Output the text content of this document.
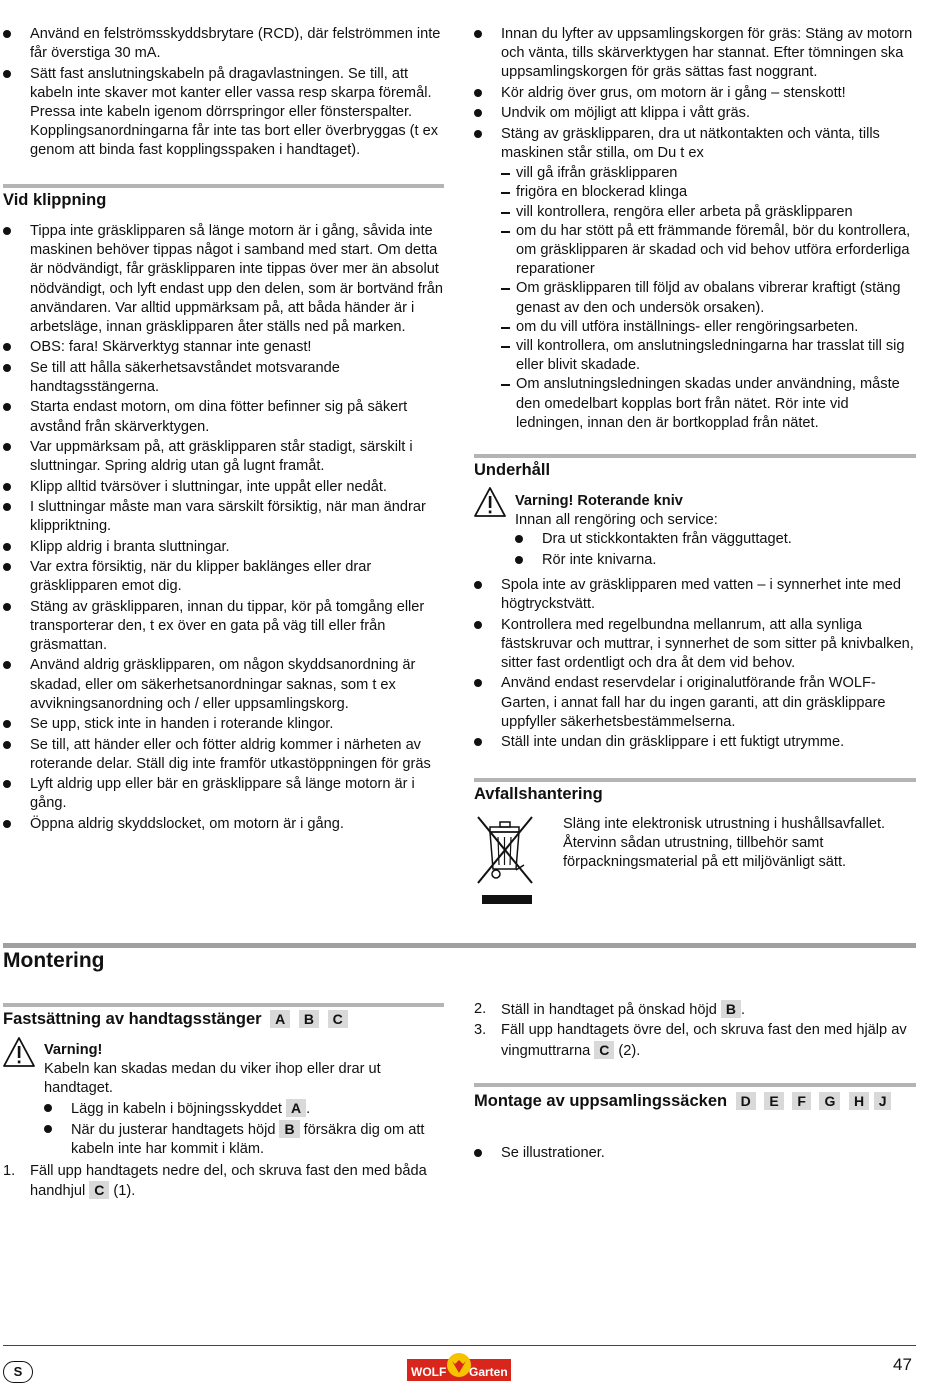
Använd en felströmsskyddsbrytare (RCD), där felströmmen inte får överstiga 30 mA.
Sätt fast anslutningskabeln på dragavlastningen. Se till, att kabeln inte skaver mot kanter eller vassa resp skarpa föremål. Pressa inte kabeln igenom dörrspringor eller fönsterspalter. Kopplingsanordningarna får inte tas bort eller överbryggas (t ex genom att binda fast kopplingsspaken i handtaget).
Vid klippning
Tippa inte gräsklipparen så länge motorn är i gång, såvida inte maskinen behöver tippas något i samband med start. Om detta är nödvändigt, får gräsklipparen inte tippas över mer än absolut nödvändigt, och lyft endast upp den delen, som är bortvänd från användaren. Var alltid uppmärksam på, att båda händer är i arbetsläge, innan gräsklipparen åter ställs ned på marken.
OBS: fara! Skärverktyg stannar inte genast!
Se till att hålla säkerhetsavståndet motsvarande handtagsstängerna.
Starta endast motorn, om dina fötter befinner sig på säkert avstånd från skärverktygen.
Var uppmärksam på, att gräsklipparen står stadigt, särskilt i sluttningar. Spring aldrig utan gå lugnt framåt.
Klipp alltid tvärsöver i sluttningar, inte uppåt eller nedåt.
I sluttningar måste man vara särskilt försiktig, när man ändrar klippriktning.
Klipp aldrig i branta sluttningar.
Var extra försiktig, när du klipper baklänges eller drar gräsklipparen emot dig.
Stäng av gräsklipparen, innan du tippar, kör på tomgång eller transporterar den, t ex över en gata på väg till eller från gräsmattan.
Använd aldrig gräsklipparen, om någon skyddsanordning är skadad, eller om säkerhetsanordningar saknas, som t ex avvikningsanordning och / eller uppsamlingskorg.
Se upp, stick inte in handen i roterande klingor.
Se till, att händer eller och fötter aldrig kommer i närheten av roterande delar. Ställ dig inte framför utkastöppningen för gräs
Lyft aldrig upp eller bär en gräsklippare så länge motorn är i gång.
Öppna aldrig skyddslocket, om motorn är i gång.
Innan du lyfter av uppsamlingskorgen för gräs: Stäng av motorn och vänta, tills skärverktygen har stannat. Efter tömningen ska uppsamlingskorgen för gräs sättas fast noggrant.
Kör aldrig över grus, om motorn är i gång – stenskott!
Undvik om möjligt att klippa i vått gräs.
Stäng av gräsklipparen, dra ut nätkontakten och vänta, tills maskinen står stilla, om Du t ex
vill gå ifrån gräsklipparen
frigöra en blockerad klinga
vill kontrollera, rengöra eller arbeta på gräsklipparen
om du har stött på ett främmande föremål, bör du kontrollera, om gräsklipparen är skadad och vid behov utföra erforderliga reparationer
Om gräsklipparen till följd av obalans vibrerar kraftigt (stäng genast av den och undersök orsaken).
om du vill utföra inställnings- eller rengöringsarbeten.
vill kontrollera, om anslutningsledningarna har trasslat till sig eller blivit skadade.
Om anslutningsledningen skadas under användning, måste den omedelbart kopplas bort från nätet. Rör inte vid ledningen, innan den är bortkopplad från nätet.
Underhåll
Varning! Roterande kniv
Innan all rengöring och service:
Dra ut stickkontakten från vägguttaget.
Rör inte knivarna.
Spola inte av gräsklipparen med vatten – i synnerhet inte med högtryckstvätt.
Kontrollera med regelbundna mellanrum, att alla synliga fästskruvar och muttrar, i synnerhet de som sitter på knivbalken, sitter fast ordentligt och dra åt dem vid behov.
Använd endast reservdelar i originalutförande från WOLF-Garten, i annat fall har du ingen garanti, att din gräsklippare uppfyller säkerhetsbestämmelserna.
Ställ inte undan din gräsklippare i ett fuktigt utrymme.
Avfallshantering
Släng inte elektronisk utrustning i hushållsavfallet. Återvinn sådan utrustning, tillbehör samt förpackningsmaterial på ett miljövänligt sätt.
Montering
Fastsättning av handtagsstänger A B C
Varning!
Kabeln kan skadas medan du viker ihop eller drar ut handtaget.
Lägg in kabeln i böjningsskyddet A .
När du justerar handtagets höjd B försäkra dig om att kabeln inte har kommit i kläm.
1. Fäll upp handtagets nedre del, och skruva fast den med båda handhjul C (1).
2. Ställ in handtaget på önskad höjd B .
3. Fäll upp handtagets övre del, och skruva fast den med hjälp av vingmuttrarna C (2).
Montage av uppsamlingssäcken D E F G H J
Se illustrationer.
S	WOLF Garten	47
